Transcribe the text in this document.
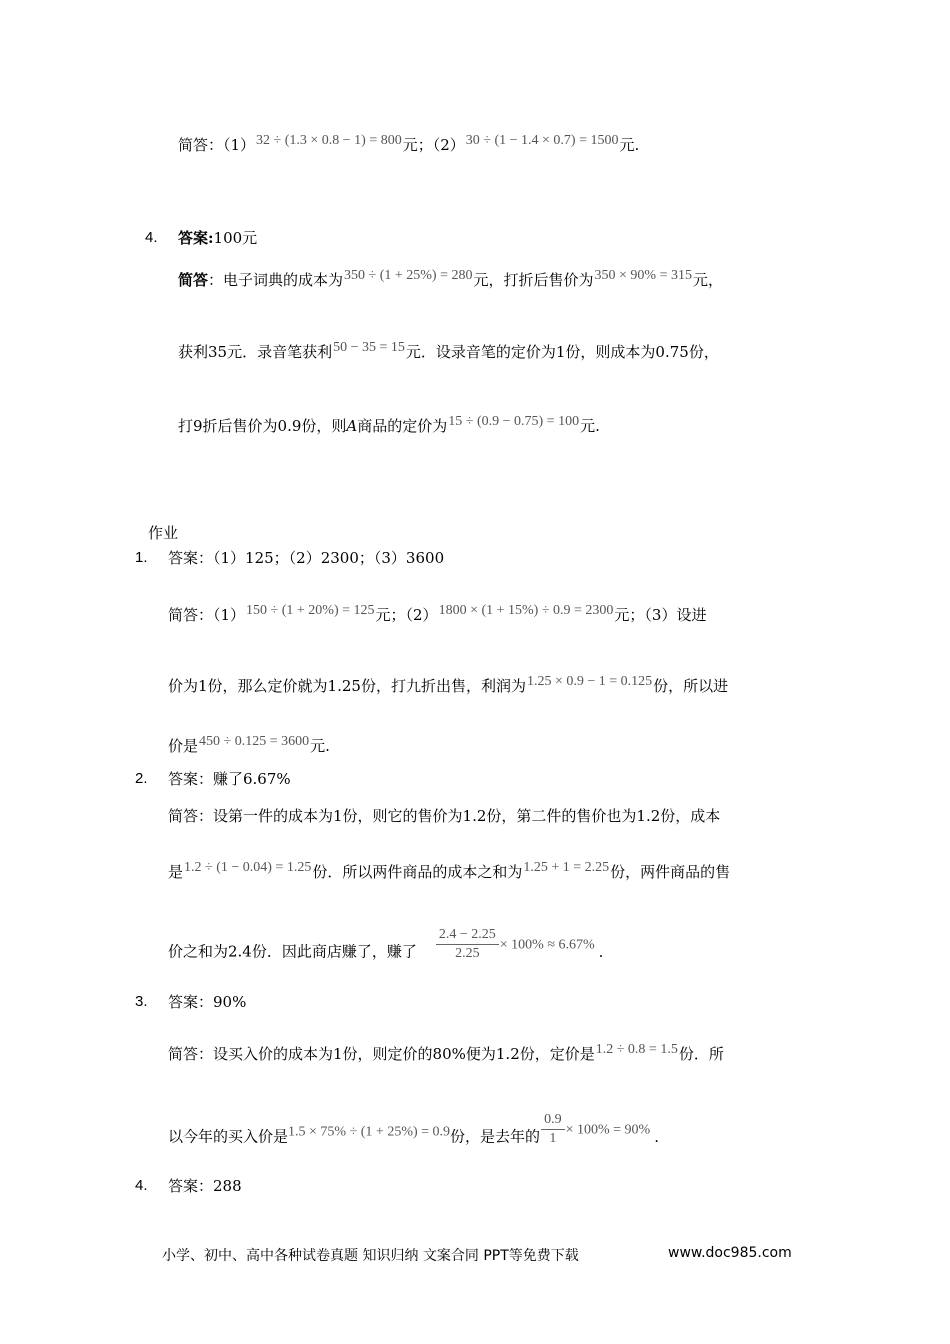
简答：（1）32 ÷ (1.3 × 0.8 − 1) = 800元；（2）30 ÷ (1 − 1.4 × 0.7) = 1500元.
4. 答案:100元
简答：电子词典的成本为350 ÷ (1 + 25%) = 280元，打折后售价为350 × 90% = 315元，
获利35元．录音笔获利50 − 35 = 15元．设录音笔的定价为1份，则成本为0.75份，
打9折后售价为0.9份，则A商品的定价为15 ÷ (0.9 − 0.75) = 100元.
作业
1. 答案：（1）125；（2）2300；（3）3600
简答：（1）150 ÷ (1 + 20%) = 125元；（2）1800 × (1 + 15%) ÷ 0.9 = 2300元；（3）设进
价为1份，那么定价就为1.25份，打九折出售，利润为1.25 × 0.9 − 1 = 0.125份，所以进
价是450 ÷ 0.125 = 3600元.
2. 答案：赚了6.67%
简答：设第一件的成本为1份，则它的售价为1.2份，第二件的售价也为1.2份，成本
是1.2 ÷ (1 − 0.04) = 1.25份．所以两件商品的成本之和为1.25 + 1 = 2.25份，两件商品的售
价之和为2.4份．因此商店赚了，赚了 $\frac{2.4 - 2.25}{2.25} \times 100\% \approx 6.67\%$ .
3. 答案：90%
简答：设买入价的成本为1份，则定价的80%便为1.2份，定价是1.2 ÷ 0.8 = 1.5份．所
以今年的买入价是1.5 × 75% ÷ (1 + 25%) = 0.9份，是去年的 $\frac{0.9}{1} \times 100\% = 90\%$ .
4. 答案：288
小学、初中、高中各种试卷真题 知识归纳 文案合同 PPT等免费下载	www.doc985.com
